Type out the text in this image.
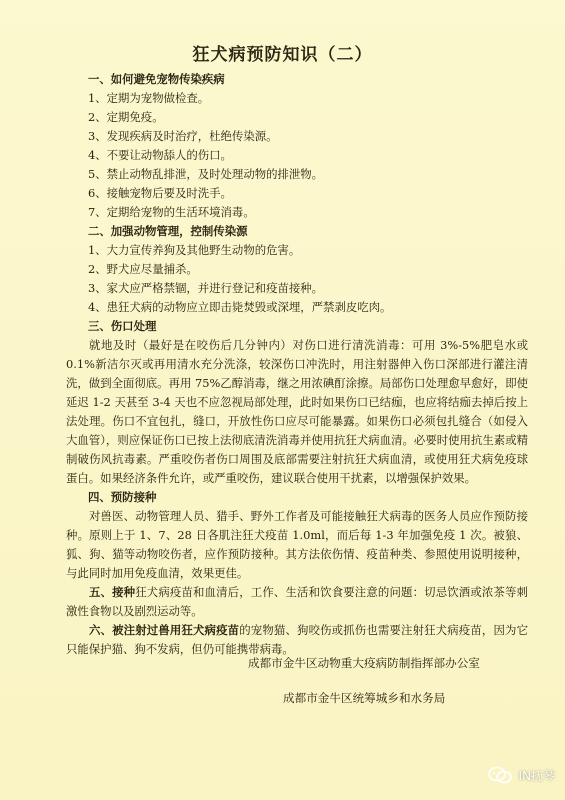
狂犬病预防知识（二）
一、如何避免宠物传染疾病
1、定期为宠物做检查。
2、定期免疫。
3、发现疾病及时治疗，杜绝传染源。
4、不要让动物舔人的伤口。
5、禁止动物乱排泄，及时处理动物的排泄物。
6、接触宠物后要及时洗手。
7、定期给宠物的生活环境消毒。
二、加强动物管理，控制传染源
1、大力宣传养狗及其他野生动物的危害。
2、野犬应尽量捕杀。
3、家犬应严格禁锢，并进行登记和疫苗接种。
4、患狂犬病的动物应立即击毙焚毁或深埋，严禁剥皮吃肉。
三、伤口处理
就地及时（最好是在咬伤后几分钟内）对伤口进行清洗消毒：可用 3%-5%肥皂水或 0.1%新洁尔灭或再用清水充分洗涤，较深伤口冲洗时，用注射器伸入伤口深部进行灌注清洗，做到全面彻底。再用 75%乙醇消毒，继之用浓碘酊涂擦。局部伤口处理愈早愈好，即使延迟 1-2 天甚至 3-4 天也不应忽视局部处理，此时如果伤口已结痂，也应将结痂去掉后按上法处理。伤口不宜包扎，缝口，开放性伤口应尽可能暴露。如果伤口必须包扎缝合（如侵入大血管），则应保证伤口已按上法彻底清洗消毒并使用抗狂犬病血清。必要时使用抗生素或精制破伤风抗毒素。严重咬伤者伤口周围及底部需要注射抗狂犬病血清，或使用狂犬病免疫球蛋白。如果经济条件允许，或严重咬伤，建议联合使用干扰素，以增强保护效果。
四、预防接种
对兽医、动物管理人员、猎手、野外工作者及可能接触狂犬病毒的医务人员应作预防接种。原则上于 1、7、28 日各肌注狂犬疫苗 1.0ml，而后每 1-3 年加强免疫 1 次。被狼、狐、狗、猫等动物咬伤者，应作预防接种。其方法依伤情、疫苗种类、参照使用说明接种，与此同时加用免疫血清，效果更佳。
五、接种狂犬病疫苗和血清后，工作、生活和饮食要注意的问题：切忌饮酒或浓茶等刺激性食物以及剧烈运动等。
六、被注射过兽用狂犬病疫苗的宠物猫、狗咬伤或抓伤也需要注射狂犬病疫苗，因为它只能保护猫、狗不发病，但仍可能携带病毒。
成都市金牛区动物重大疫病防制指挥部办公室
成都市金牛区统筹城乡和水务局
IN抚琴
